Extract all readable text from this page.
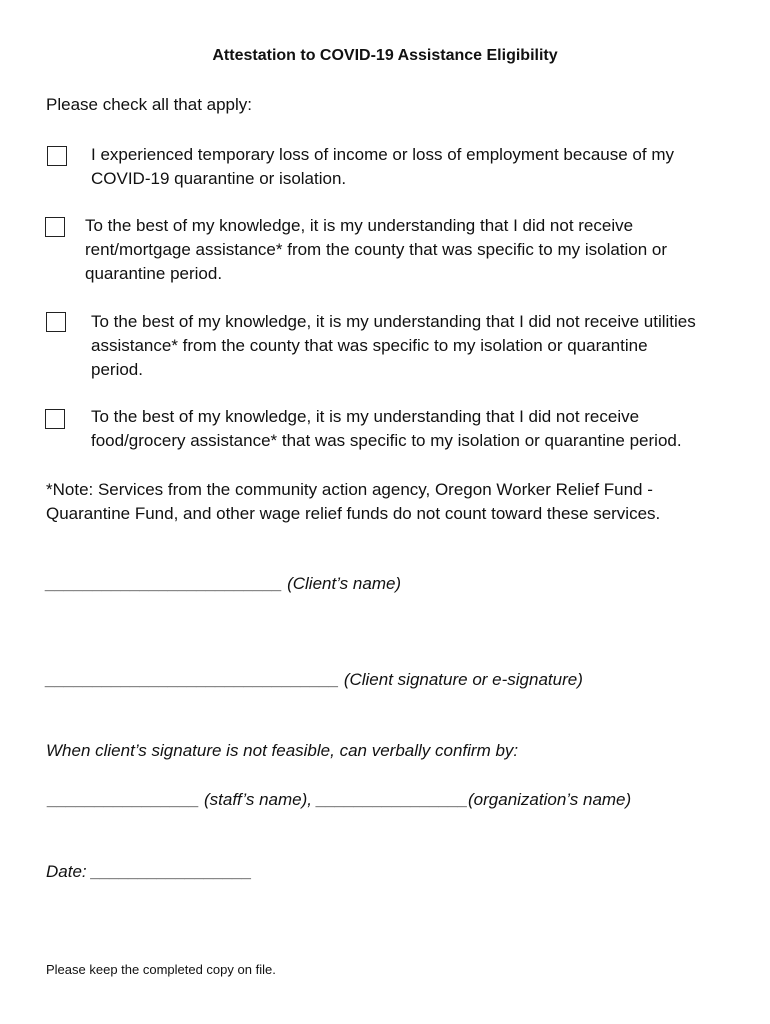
Attestation to COVID-19 Assistance Eligibility
Please check all that apply:
I experienced temporary loss of income or loss of employment because of my
COVID-19 quarantine or isolation.
To the best of my knowledge, it is my understanding that I did not receive
rent/mortgage assistance* from the county that was specific to my isolation or
quarantine period.
To the best of my knowledge, it is my understanding that I did not receive utilities
assistance* from the county that was specific to my isolation or quarantine
period.
To the best of my knowledge, it is my understanding that I did not receive
food/grocery assistance* that was specific to my isolation or quarantine period.
*Note: Services from the community action agency, Oregon Worker Relief Fund -
Quarantine Fund, and other wage relief funds do not count toward these services.
_________________________ (Client’s name)
_______________________________ (Client signature or e-signature)
When client’s signature is not feasible, can verbally confirm by:
________________ (staff’s name), ________________(organization’s name)
Date: _________________
Please keep the completed copy on file.
